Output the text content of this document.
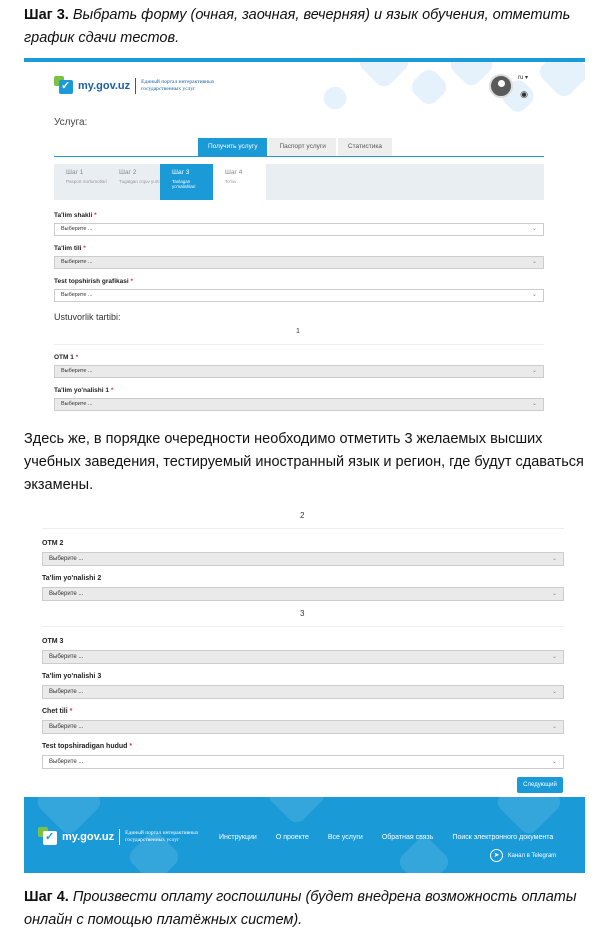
Шаг 3. Выбрать форму (очная, заочная, вечерняя) и язык обучения, отметить график сдачи тестов.
✓ my.gov.uz Единый портал интерактивных государственных услуг
ru ▾
◉
Услуга:
Получить услугу	Паспорт услуги	Статистика
Шаг 1
Pasport ma'lumotlari
Шаг 2
Tugatgan o'quv yurti
Шаг 3
Tanlagan yo'nalishlari
Шаг 4
To'lov
Ta'lim shakli *
Выберите ...	⌄
Ta'lim tili *
Выберите ...	⌄
Test topshirish grafikasi *
Выберите ...	⌄
Ustuvorlik tartibi:
1
OTM 1 *
Выберите ...	⌄
Ta'lim yo'nalishi 1 *
Выберите ...	⌄
Здесь же, в порядке очередности необходимо отметить 3 желаемых высших учебных заведения, тестируемый иностранный язык и регион, где будут сдаваться экзамены.
2
OTM 2
Выберите ...	⌄
Ta'lim yo'nalishi 2
Выберите ...	⌄
3
OTM 3
Выберите ...	⌄
Ta'lim yo'nalishi 3
Выберите ...	⌄
Chet tili *
Выберите ...	⌄
Test topshiradigan hudud *
Выберите ...	⌄
Следующий
✓ my.gov.uz Единый портал интерактивных государственных услуг	Инструкции	О проекте	Все услуги	Обратная связь	Поиск электронного документа
➤	Канал в Telegram
Шаг 4. Произвести оплату госпошлины (будет внедрена возможность оплаты онлайн с помощью платёжных систем).
